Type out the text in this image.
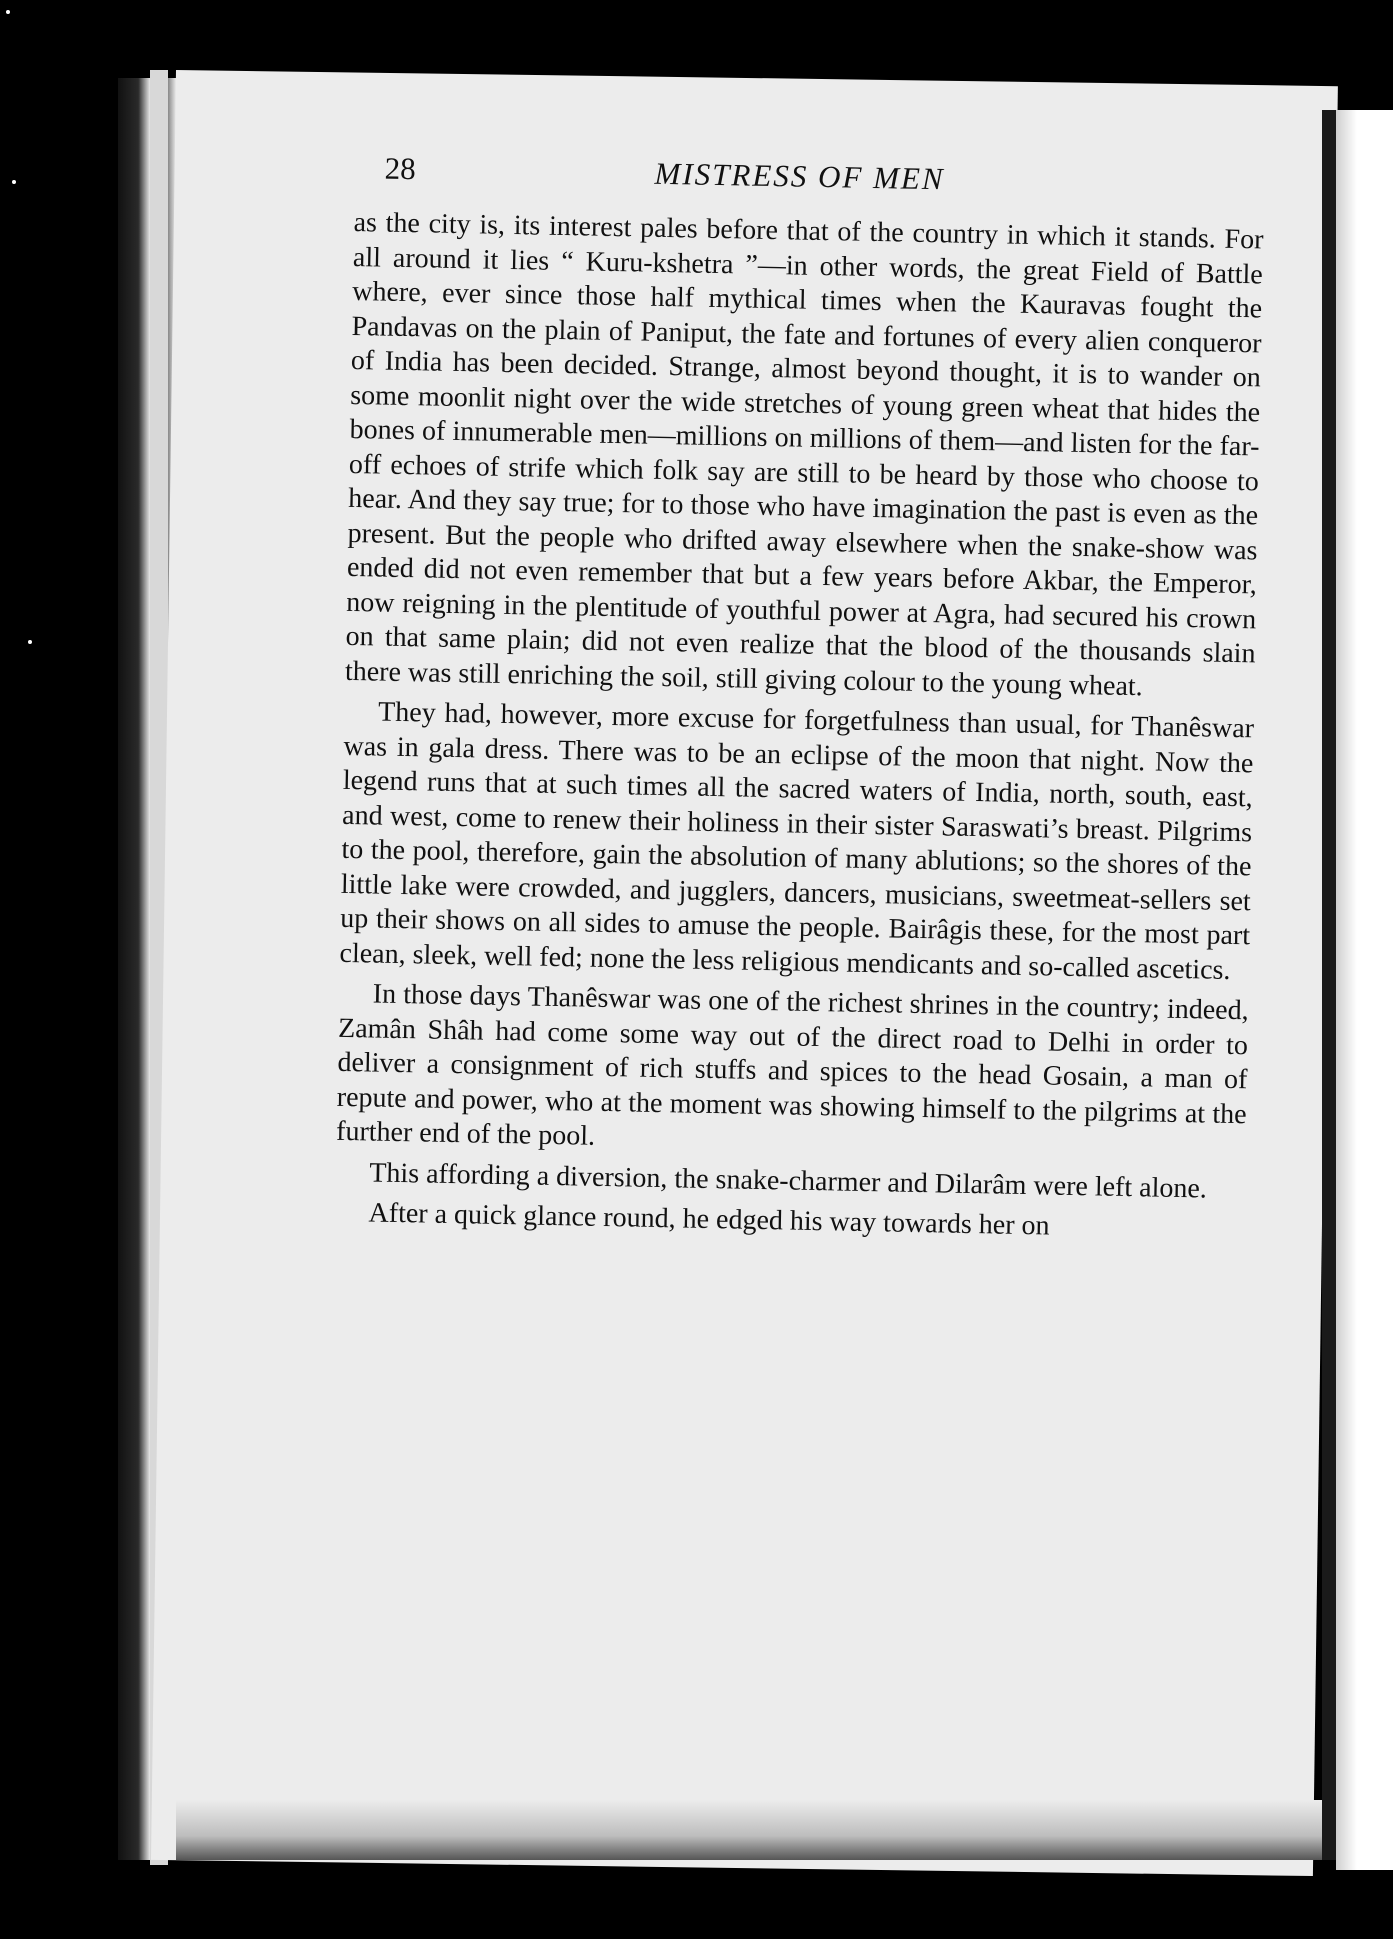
28	MISTRESS OF MEN

as the city is, its interest pales before that of the country in which it stands. For all around it lies “ Kuru-kshetra ”—in other words, the great Field of Battle where, ever since those half mythical times when the Kauravas fought the Pandavas on the plain of Paniput, the fate and fortunes of every alien conqueror of India has been decided. Strange, almost beyond thought, it is to wander on some moonlit night over the wide stretches of young green wheat that hides the bones of innumerable men—millions on millions of them—and listen for the far-off echoes of strife which folk say are still to be heard by those who choose to hear. And they say true; for to those who have imagination the past is even as the present. But the people who drifted away elsewhere when the snake-show was ended did not even remember that but a few years before Akbar, the Emperor, now reigning in the plentitude of youthful power at Agra, had secured his crown on that same plain; did not even realize that the blood of the thousands slain there was still enriching the soil, still giving colour to the young wheat.

They had, however, more excuse for forgetfulness than usual, for Thanêswar was in gala dress. There was to be an eclipse of the moon that night. Now the legend runs that at such times all the sacred waters of India, north, south, east, and west, come to renew their holiness in their sister Saraswati’s breast. Pilgrims to the pool, therefore, gain the absolution of many ablutions; so the shores of the little lake were crowded, and jugglers, dancers, musicians, sweetmeat-sellers set up their shows on all sides to amuse the people. Bairâgis these, for the most part clean, sleek, well fed; none the less religious mendicants and so-called ascetics.

In those days Thanêswar was one of the richest shrines in the country; indeed, Zamân Shâh had come some way out of the direct road to Delhi in order to deliver a consignment of rich stuffs and spices to the head Gosain, a man of repute and power, who at the moment was showing himself to the pilgrims at the further end of the pool.

This affording a diversion, the snake-charmer and Dilarâm were left alone.

After a quick glance round, he edged his way towards her on
